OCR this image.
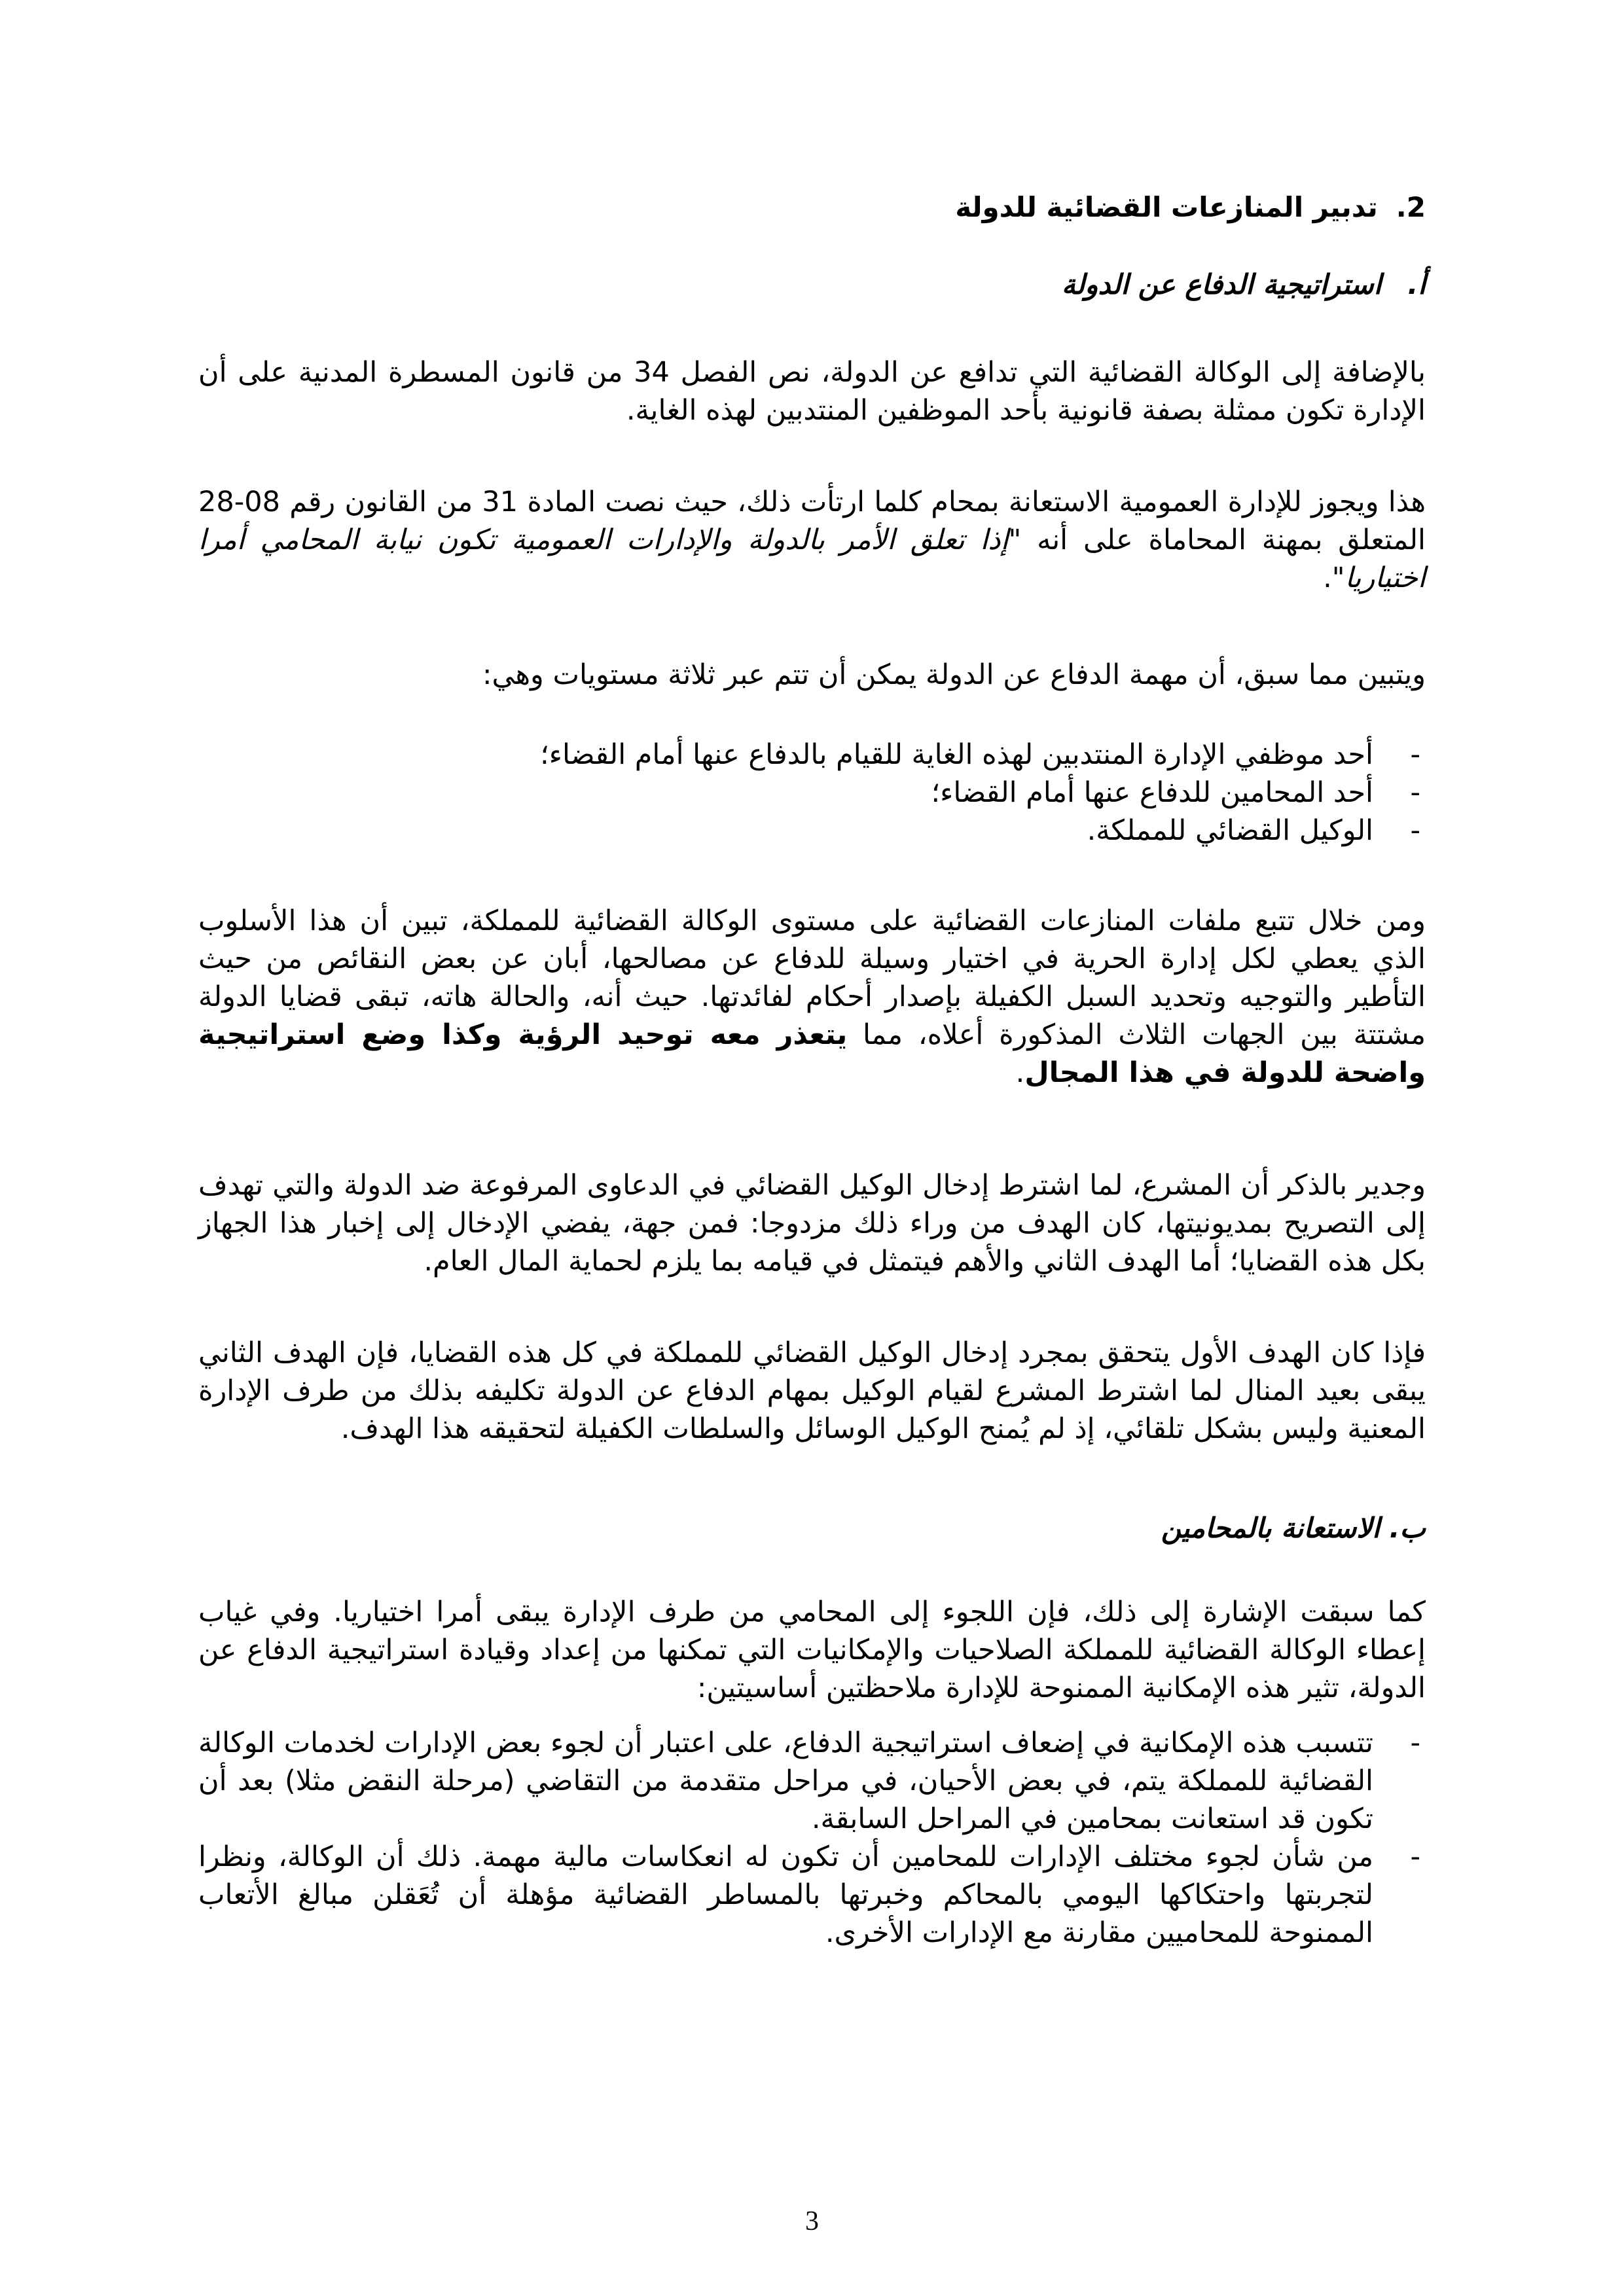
2.تدبير المنازعات القضائية للدولة
أ.استراتيجية الدفاع عن الدولة

بالإضافة إلى الوكالة القضائية التي تدافع عن الدولة، نص الفصل 34 من قانون المسطرة المدنية على أن الإدارة تكون ممثلة بصفة قانونية بأحد الموظفين المنتدبين لهذه الغاية.

هذا ويجوز للإدارة العمومية الاستعانة بمحام كلما ارتأت ذلك، حيث نصت المادة 31 من القانون رقم 08-28 المتعلق بمهنة المحاماة على أنه "إذا تعلق الأمر بالدولة والإدارات العمومية تكون نيابة المحامي أمرا اختياريا".

ويتبين مما سبق، أن مهمة الدفاع عن الدولة يمكن أن تتم عبر ثلاثة مستويات وهي:

-
أحد موظفي الإدارة المنتدبين لهذه الغاية للقيام بالدفاع عنها أمام القضاء؛
-
أحد المحامين للدفاع عنها أمام القضاء؛
-
الوكيل القضائي للمملكة.

ومن خلال تتبع ملفات المنازعات القضائية على مستوى الوكالة القضائية للمملكة، تبين أن هذا الأسلوب الذي يعطي لكل إدارة الحرية في اختيار وسيلة للدفاع عن مصالحها، أبان عن بعض النقائص من حيث التأطير والتوجيه وتحديد السبل الكفيلة بإصدار أحكام لفائدتها. حيث أنه، والحالة هاته، تبقى قضايا الدولة مشتتة بين الجهات الثلاث المذكورة أعلاه، مما يتعذر معه توحيد الرؤية وكذا وضع استراتيجية واضحة للدولة في هذا المجال.

وجدير بالذكر أن المشرع، لما اشترط إدخال الوكيل القضائي في الدعاوى المرفوعة ضد الدولة والتي تهدف إلى التصريح بمديونيتها، كان الهدف من وراء ذلك مزدوجا: فمن جهة، يفضي الإدخال إلى إخبار هذا الجهاز بكل هذه القضايا؛ أما الهدف الثاني والأهم فيتمثل في قيامه بما يلزم لحماية المال العام.

فإذا كان الهدف الأول يتحقق بمجرد إدخال الوكيل القضائي للمملكة في كل هذه القضايا، فإن الهدف الثاني يبقى بعيد المنال لما اشترط المشرع لقيام الوكيل بمهام الدفاع عن الدولة تكليفه بذلك من طرف الإدارة المعنية وليس بشكل تلقائي، إذ لم يُمنح الوكيل الوسائل والسلطات الكفيلة لتحقيقه هذا الهدف.

ب. الاستعانة بالمحامين

كما سبقت الإشارة إلى ذلك، فإن اللجوء إلى المحامي من طرف الإدارة يبقى أمرا اختياريا. وفي غياب إعطاء الوكالة القضائية للمملكة الصلاحيات والإمكانيات التي تمكنها من إعداد وقيادة استراتيجية الدفاع عن الدولة، تثير هذه الإمكانية الممنوحة للإدارة ملاحظتين أساسيتين:

-
تتسبب هذه الإمكانية في إضعاف استراتيجية الدفاع، على اعتبار أن لجوء بعض الإدارات لخدمات الوكالة القضائية للمملكة يتم، في بعض الأحيان، في مراحل متقدمة من التقاضي (مرحلة النقض مثلا) بعد أن تكون قد استعانت بمحامين في المراحل السابقة.
-
من شأن لجوء مختلف الإدارات للمحامين أن تكون له انعكاسات مالية مهمة. ذلك أن الوكالة، ونظرا لتجربتها واحتكاكها اليومي بالمحاكم وخبرتها بالمساطر القضائية مؤهلة أن تُعَقلن مبالغ الأتعاب الممنوحة للمحاميين مقارنة مع الإدارات الأخرى.
3
